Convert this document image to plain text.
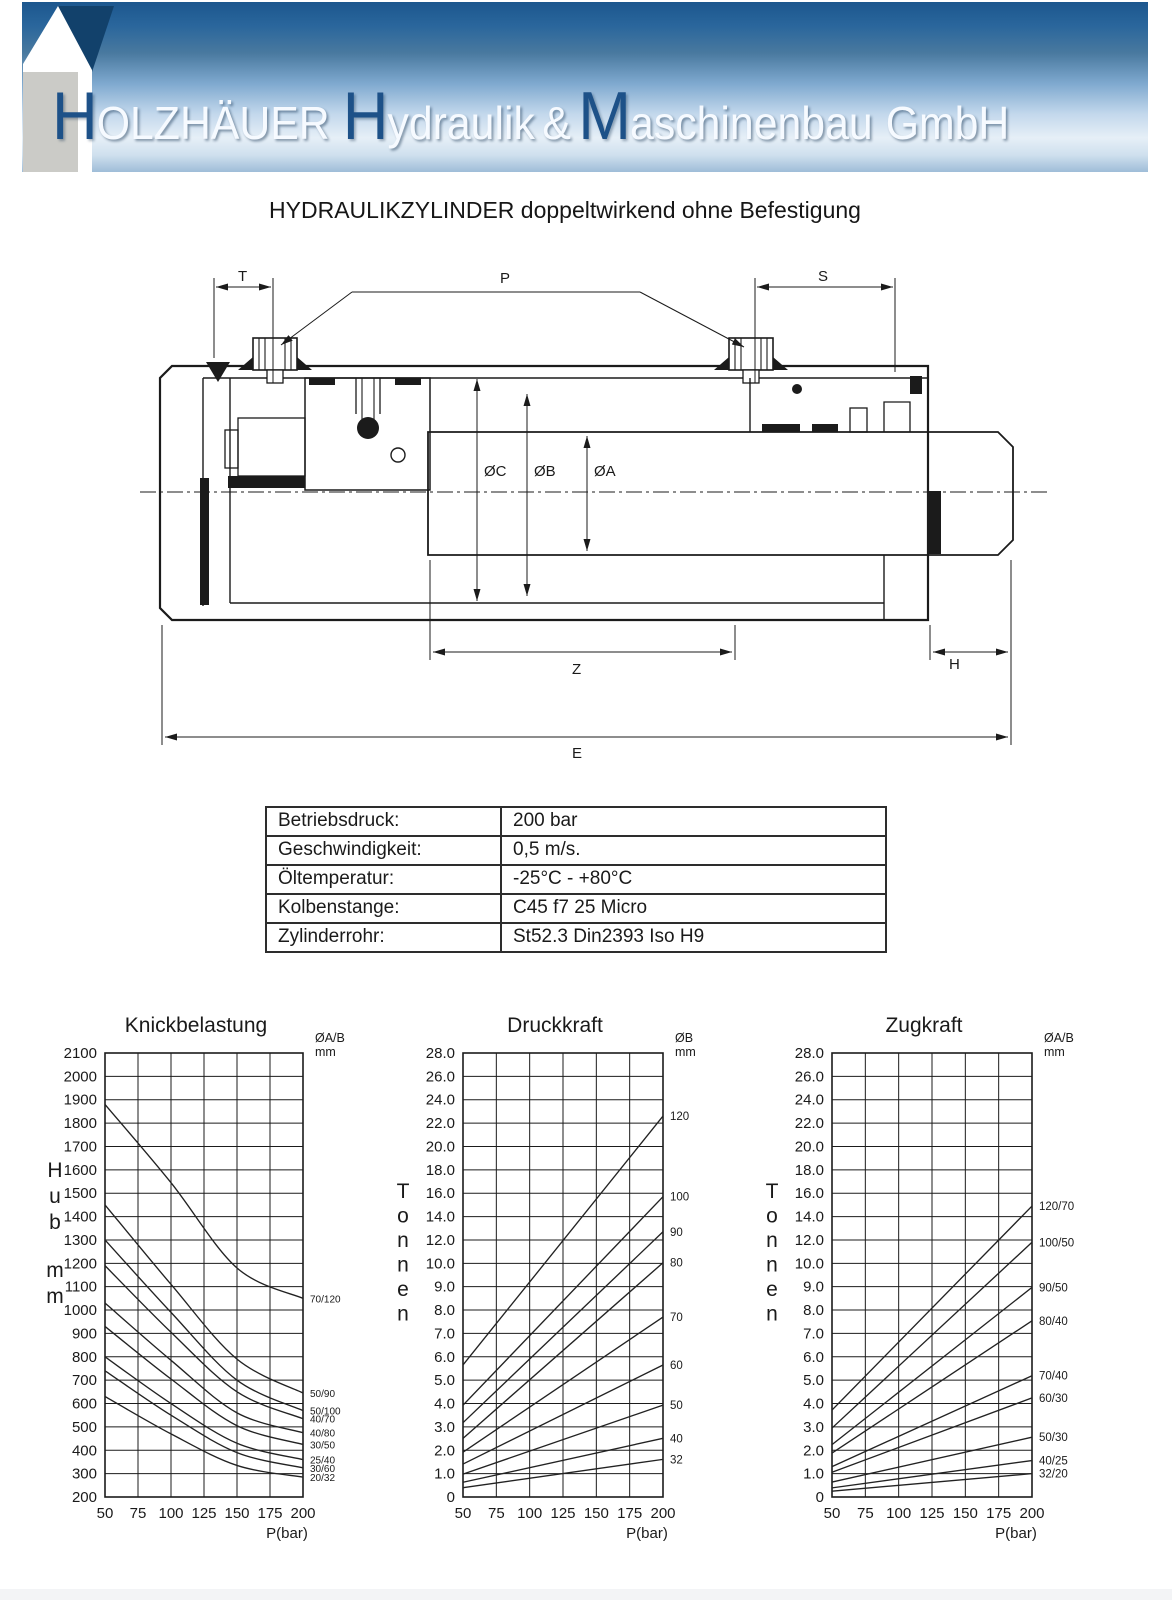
H OLZHÄUER H ydraulik & M aschinenbau GmbH
HYDRAULIKZYLINDER doppeltwirkend ohne Befestigung
T	P	S
ØC ØB	ØA
Z	H
E
Betriebsdruck:	200 bar
Geschwindigkeit:	0,5 m/s.
Öltemperatur:	-25°C - +80°C
Kolbenstange:	C45 f7 25 Micro
Zylinderrohr:	St52.3 Din2393 Iso H9
70/120
50/90
50/100
40/70
40/80
30/50
25/40
30/60
20/32
50 75 100 125 150 175 200
P(bar)
200
300
400
500
600
700
800
900
1000
1100
1200
1300
1400
1500
1600
1700
1800
1900
2000
2100
Knickbelastung
ØA/B
mm
H
u
b
m
m
120
100
90
80
70
60
50
40
32
50 75 100 125 150 175 200
P(bar)
0
1.0
2.0
3.0
4.0
5.0
6.0
7.0
8.0
9.0
10.0
12.0
14.0
16.0
18.0
20.0
22.0
24.0
26.0
28.0
Druckkraft
ØB
mm
T
o
n
n
e
n
120/70
100/50
90/50
80/40
70/40
60/30
50/30
40/25
32/20
50 75 100 125 150 175 200
P(bar)
0
1.0
2.0
3.0
4.0
5.0
6.0
7.0
8.0
9.0
10.0
12.0
14.0
16.0
18.0
20.0
22.0
24.0
26.0
28.0
Zugkraft
ØA/B
mm
T
o
n
n
e
n
